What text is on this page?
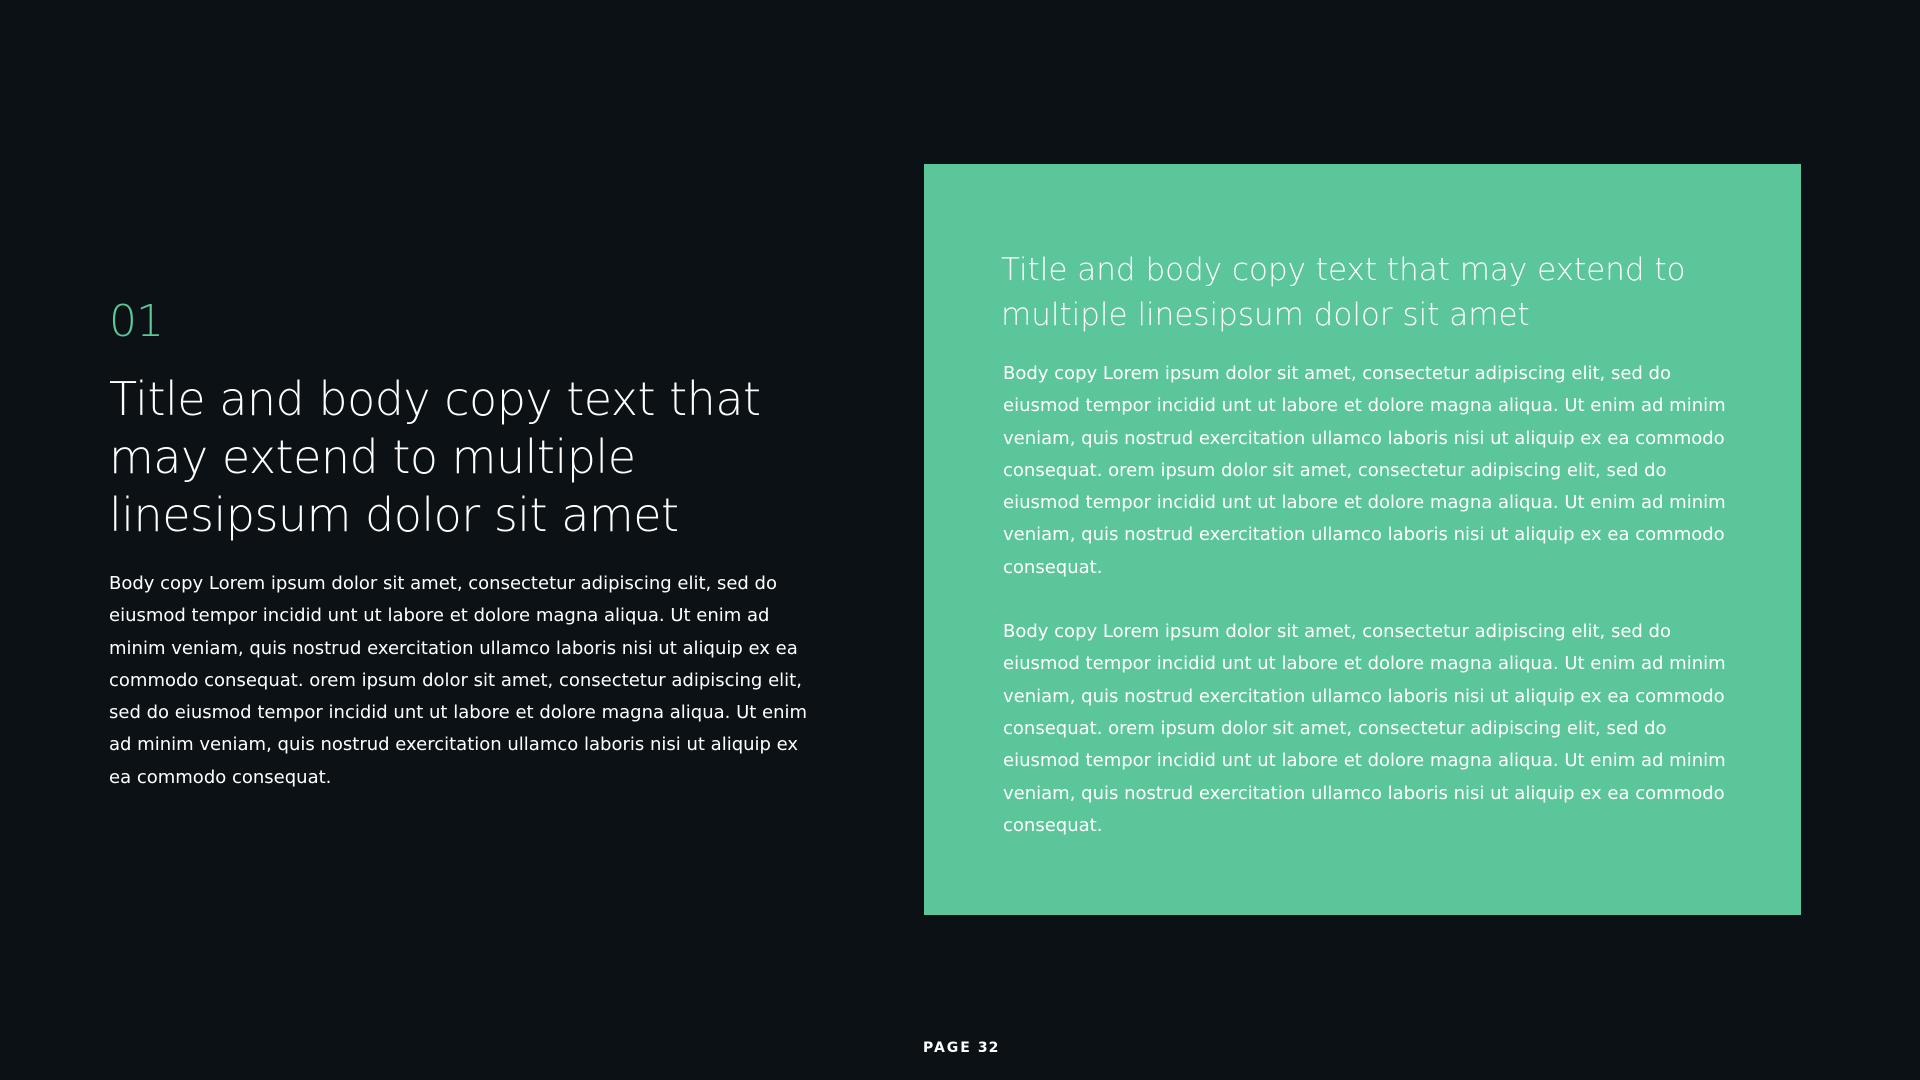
01
Title and body copy text that may extend to multiple linesipsum dolor sit amet

Body copy Lorem ipsum dolor sit amet, consectetur adipiscing elit, sed do eiusmod tempor incidid unt ut labore et dolore magna aliqua. Ut enim ad minim veniam, quis nostrud exercitation ullamco laboris nisi ut aliquip ex ea commodo consequat. orem ipsum dolor sit amet, consectetur adipiscing elit, sed do eiusmod tempor incidid unt ut labore et dolore magna aliqua. Ut enim ad minim veniam, quis nostrud exercitation ullamco laboris nisi ut aliquip ex ea commodo consequat.

Title and body copy text that may extend to multiple linesipsum dolor sit amet

Body copy Lorem ipsum dolor sit amet, consectetur adipiscing elit, sed do eiusmod tempor incidid unt ut labore et dolore magna aliqua. Ut enim ad minim veniam, quis nostrud exercitation ullamco laboris nisi ut aliquip ex ea commodo consequat. orem ipsum dolor sit amet, consectetur adipiscing elit, sed do eiusmod tempor incidid unt ut labore et dolore magna aliqua. Ut enim ad minim veniam, quis nostrud exercitation ullamco laboris nisi ut aliquip ex ea commodo consequat.

Body copy Lorem ipsum dolor sit amet, consectetur adipiscing elit, sed do eiusmod tempor incidid unt ut labore et dolore magna aliqua. Ut enim ad minim veniam, quis nostrud exercitation ullamco laboris nisi ut aliquip ex ea commodo consequat. orem ipsum dolor sit amet, consectetur adipiscing elit, sed do eiusmod tempor incidid unt ut labore et dolore magna aliqua. Ut enim ad minim veniam, quis nostrud exercitation ullamco laboris nisi ut aliquip ex ea commodo consequat.

PAGE 32
